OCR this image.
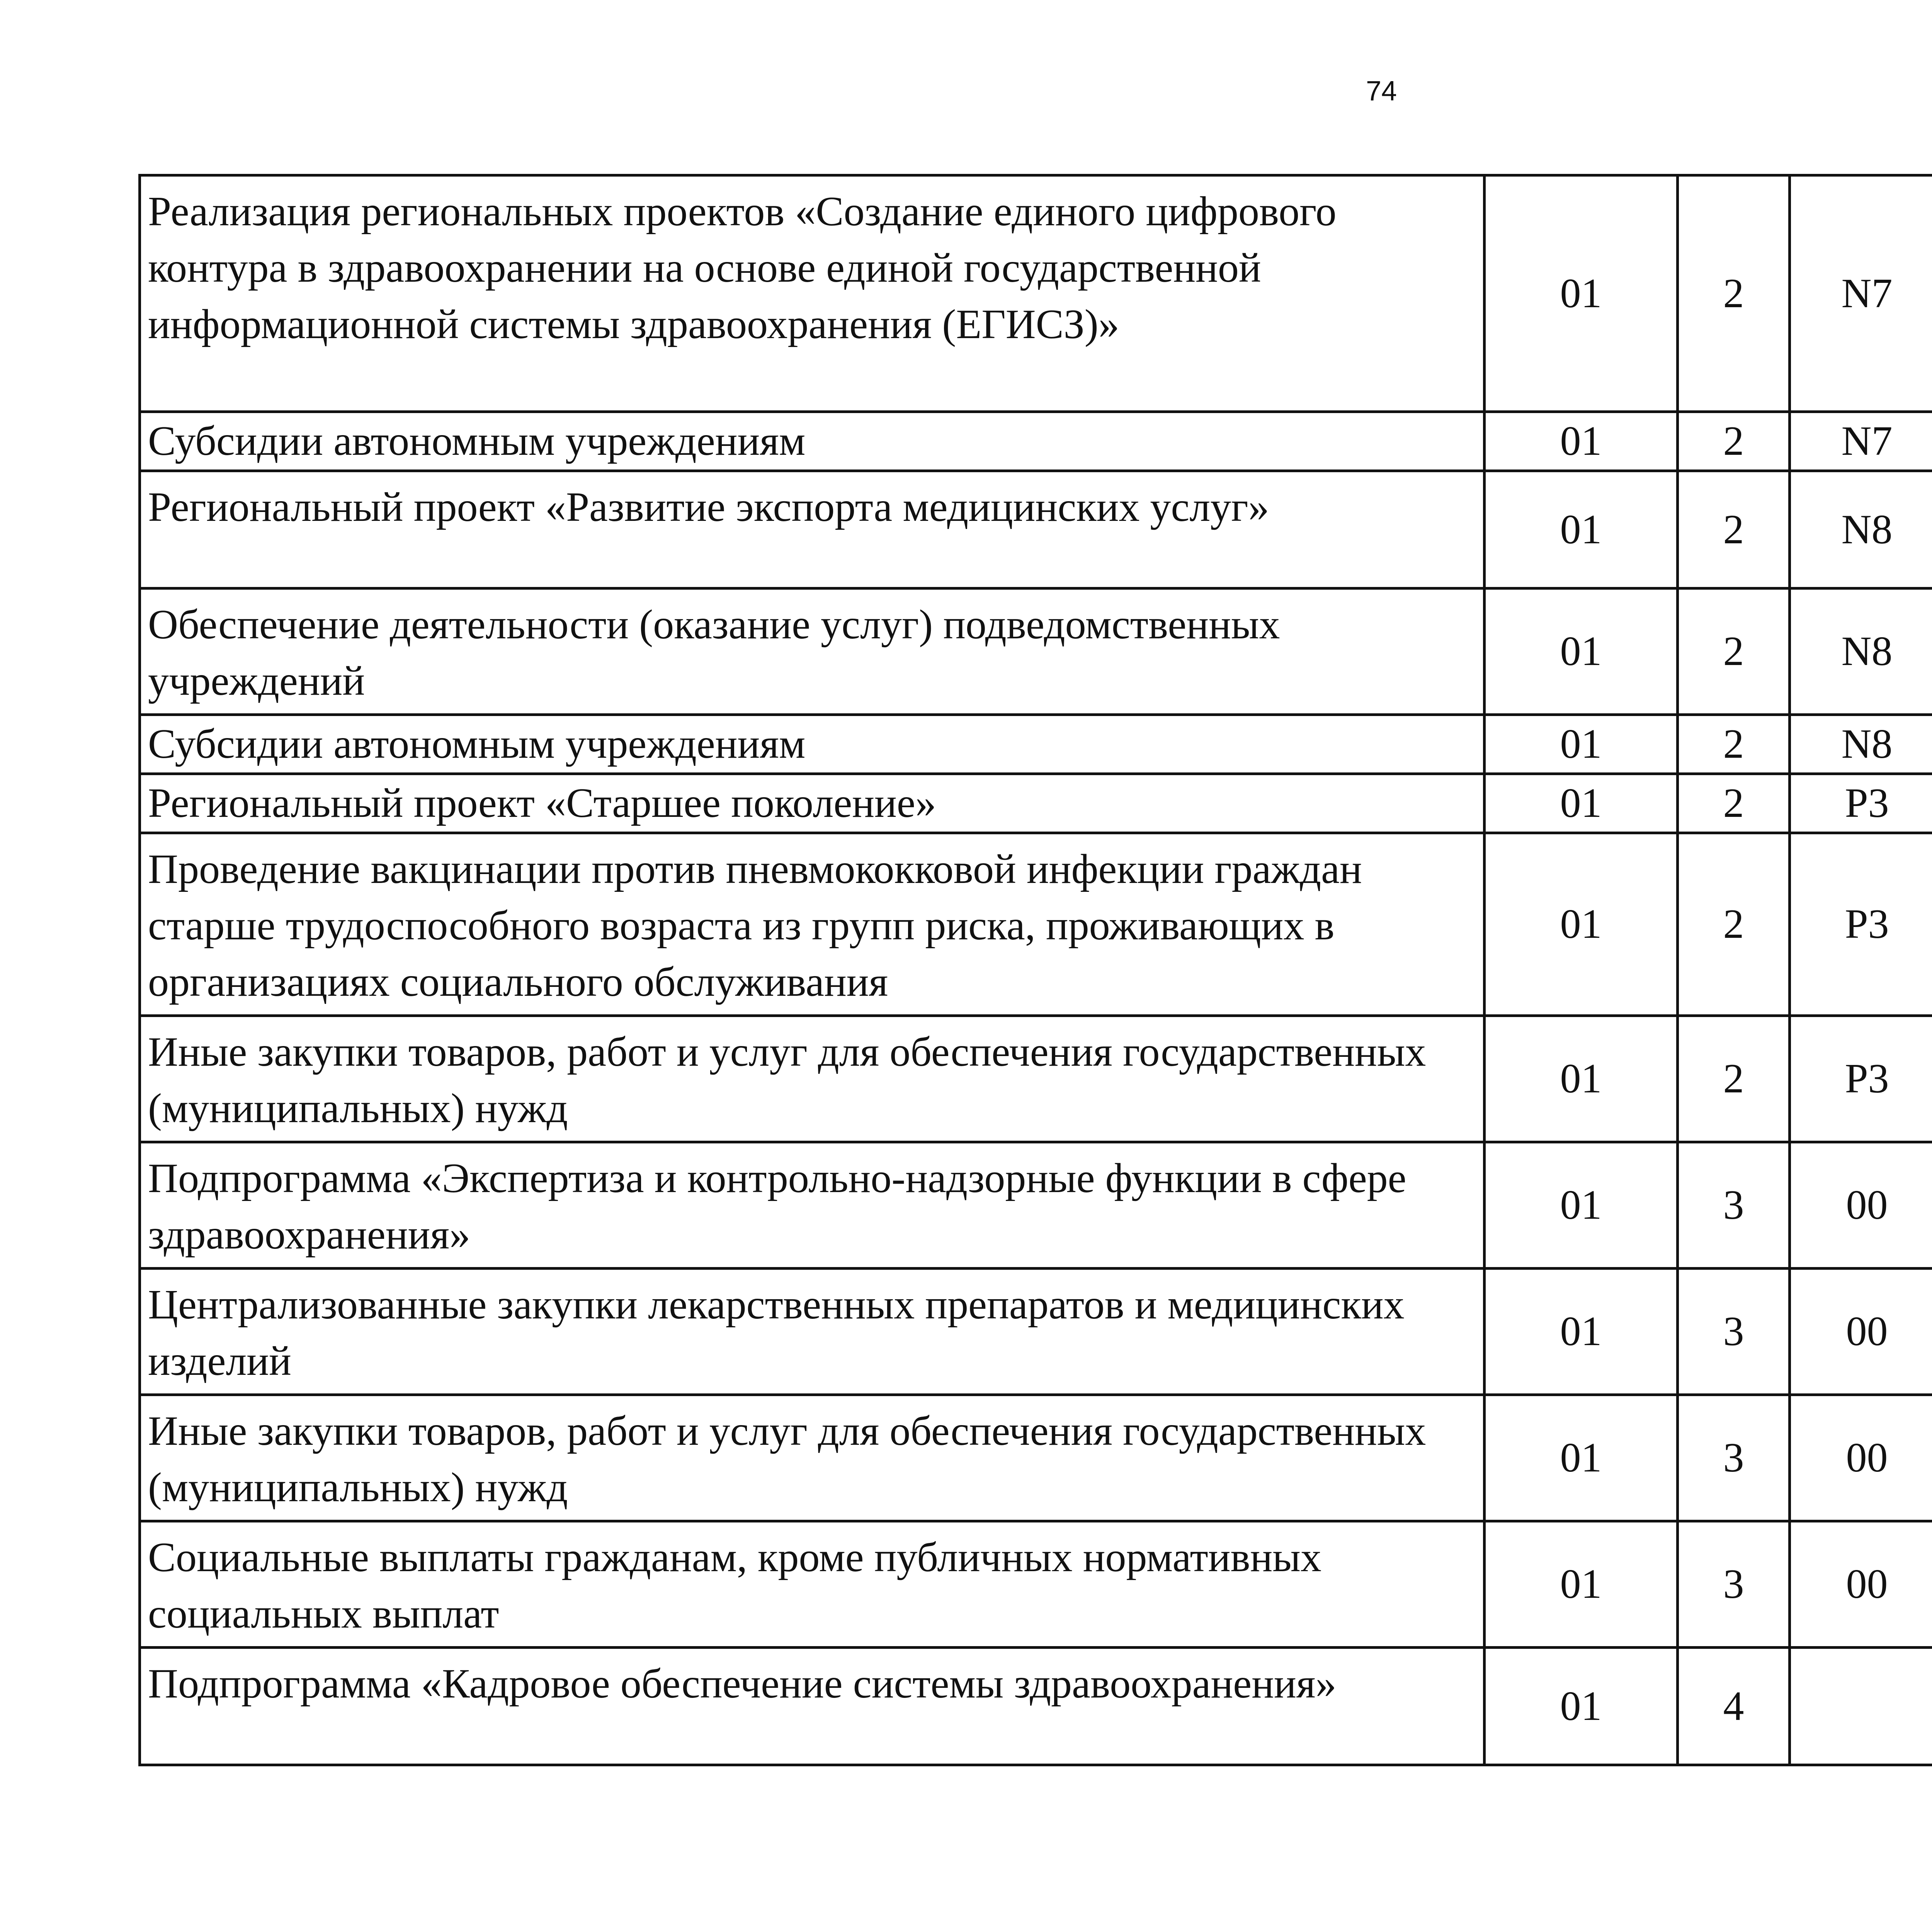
74
Реализация региональных проектов «Создание единого цифрового контура в здравоохранении на основе единой государственной информационной системы здравоохранения (ЕГИСЗ)»	01	2	N7			
Субсидии автономным учреждениям	01	2	N7			
Региональный проект «Развитие экспорта медицинских услуг»	01	2	N8			
Обеспечение деятельности (оказание услуг) подведомственных учреждений	01	2	N8			
Субсидии автономным учреждениям	01	2	N8			
Региональный проект «Старшее поколение»	01	2	P3			
Проведение вакцинации против пневмококковой инфекции граждан старше трудоспособного возраста из групп риска, проживающих в организациях социального обслуживания	01	2	P3			
Иные закупки товаров, работ и услуг для обеспечения государственных (муниципальных) нужд	01	2	P3			
Подпрограмма «Экспертиза и контрольно-надзорные функции в сфере здравоохранения»	01	3	00			
Централизованные закупки лекарственных препаратов и медицинских изделий	01	3	00			
Иные закупки товаров, работ и услуг для обеспечения государственных (муниципальных) нужд	01	3	00			
Социальные выплаты гражданам, кроме публичных нормативных социальных выплат	01	3	00			
Подпрограмма «Кадровое обеспечение системы здравоохранения»	01	4				
